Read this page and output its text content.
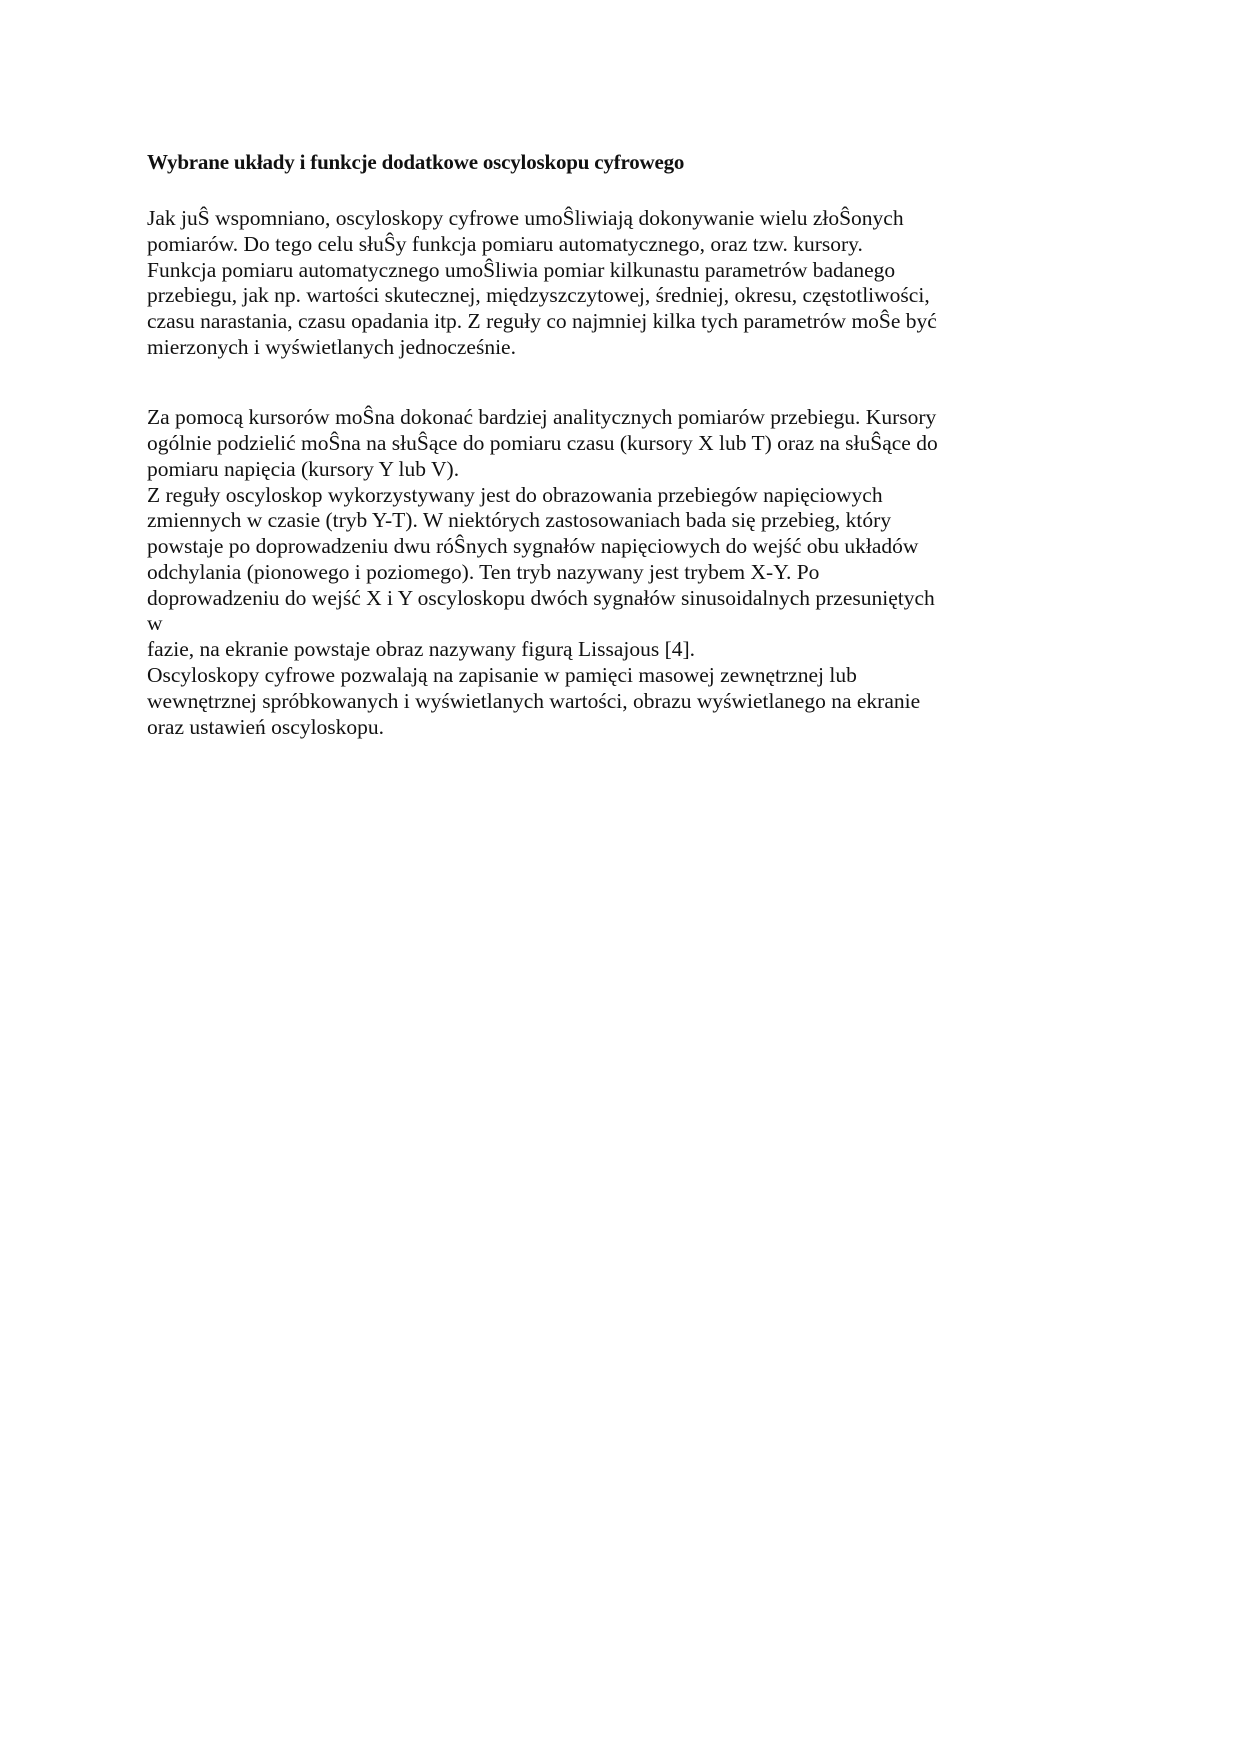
Wybrane układy i funkcje dodatkowe oscyloskopu cyfrowego
Jak juŜ wspomniano, oscyloskopy cyfrowe umoŜliwiają dokonywanie wielu złoŜonych
pomiarów. Do tego celu słuŜy funkcja pomiaru automatycznego, oraz tzw. kursory.
Funkcja pomiaru automatycznego umoŜliwia pomiar kilkunastu parametrów badanego
przebiegu, jak np. wartości skutecznej, międzyszczytowej, średniej, okresu, częstotliwości,
czasu narastania, czasu opadania itp. Z reguły co najmniej kilka tych parametrów moŜe być
mierzonych i wyświetlanych jednocześnie.
Za pomocą kursorów moŜna dokonać bardziej analitycznych pomiarów przebiegu. Kursory
ogólnie podzielić moŜna na słuŜące do pomiaru czasu (kursory X lub T) oraz na słuŜące do
pomiaru napięcia (kursory Y lub V).
Z reguły oscyloskop wykorzystywany jest do obrazowania przebiegów napięciowych
zmiennych w czasie (tryb Y-T). W niektórych zastosowaniach bada się przebieg, który
powstaje po doprowadzeniu dwu róŜnych sygnałów napięciowych do wejść obu układów
odchylania (pionowego i poziomego). Ten tryb nazywany jest trybem X-Y. Po
doprowadzeniu do wejść X i Y oscyloskopu dwóch sygnałów sinusoidalnych przesuniętych
w
fazie, na ekranie powstaje obraz nazywany figurą Lissajous [4].
Oscyloskopy cyfrowe pozwalają na zapisanie w pamięci masowej zewnętrznej lub
wewnętrznej spróbkowanych i wyświetlanych wartości, obrazu wyświetlanego na ekranie
oraz ustawień oscyloskopu.
